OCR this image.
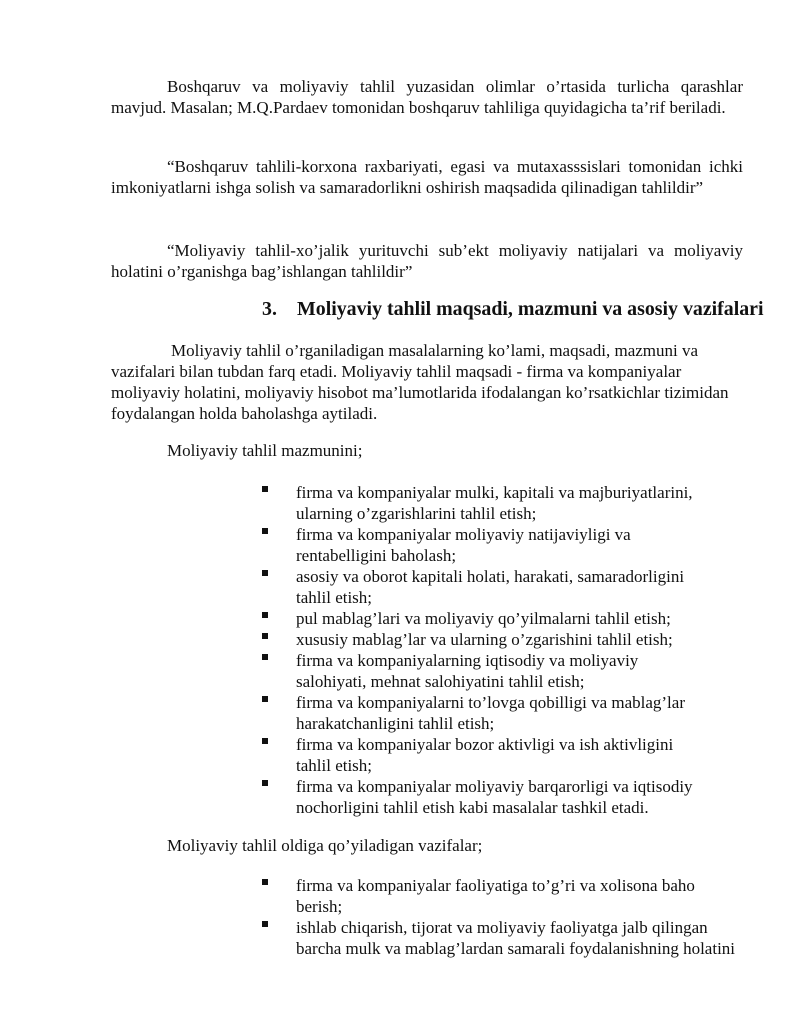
Boshqaruv va moliyaviy tahlil yuzasidan olimlar o’rtasida turlicha qarashlar mavjud. Masalan; M.Q.Pardaev tomonidan boshqaruv tahliliga quyidagicha ta’rif beriladi.

“Boshqaruv tahlili-korxona raxbariyati, egasi va mutaxasssislari tomonidan ichki imkoniyatlarni ishga solish va samaradorlikni oshirish maqsadida qilinadigan tahlildir”

“Moliyaviy tahlil-xo’jalik yurituvchi sub’ekt moliyaviy natijalari va moliyaviy holatini o’rganishga bag’ishlangan tahlildir”

3. Moliyaviy tahlil maqsadi, mazmuni va asosiy vazifalari

Moliyaviy tahlil o’rganiladigan masalalarning ko’lami, maqsadi, mazmuni va vazifalari bilan tubdan farq etadi. Moliyaviy tahlil maqsadi - firma va kompaniyalar moliyaviy holatini, moliyaviy hisobot ma’lumotlarida ifodalangan ko’rsatkichlar tizimidan foydalangan holda baholashga aytiladi.

Moliyaviy tahlil mazmunini;

firma va kompaniyalar mulki, kapitali va majburiyatlarini,
ularning o’zgarishlarini tahlil etish;
firma va kompaniyalar moliyaviy natijaviyligi va
rentabelligini baholash;
asosiy va oborot kapitali holati, harakati, samaradorligini
tahlil etish;
pul mablag’lari va moliyaviy qo’yilmalarni tahlil etish;
xususiy mablag’lar va ularning o’zgarishini tahlil etish;
firma va kompaniyalarning iqtisodiy va moliyaviy
salohiyati, mehnat salohiyatini tahlil etish;
firma va kompaniyalarni to’lovga qobilligi va mablag’lar
harakatchanligini tahlil etish;
firma va kompaniyalar bozor aktivligi va ish aktivligini
tahlil etish;
firma va kompaniyalar moliyaviy barqarorligi va iqtisodiy
nochorligini tahlil etish kabi masalalar tashkil etadi.

Moliyaviy tahlil oldiga qo’yiladigan vazifalar;

firma va kompaniyalar faoliyatiga to’g’ri va xolisona baho
berish;
ishlab chiqarish, tijorat va moliyaviy faoliyatga jalb qilingan
barcha mulk va mablag’lardan samarali foydalanishning holatini
